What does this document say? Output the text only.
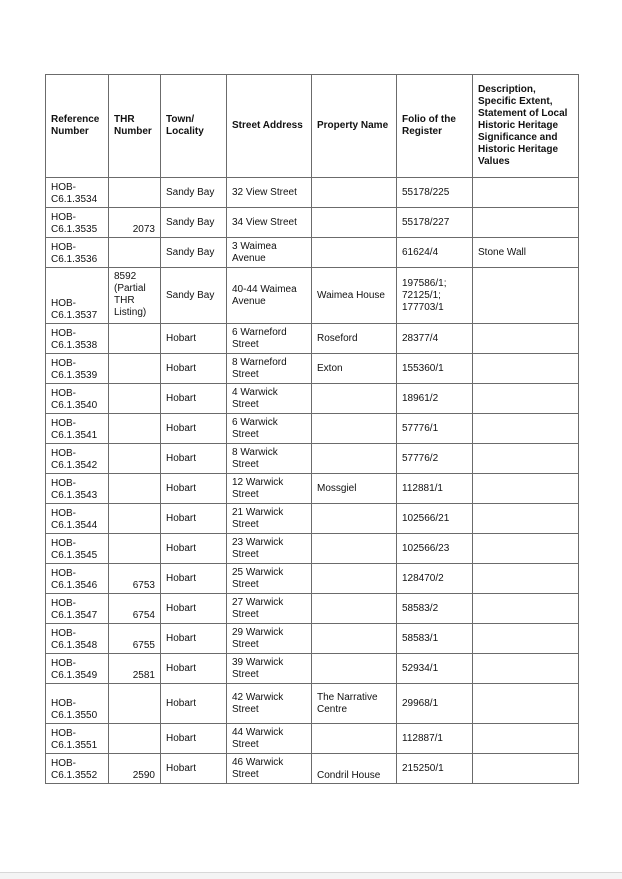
Reference Number	THR Number	Town/ Locality	Street Address	Property Name	Folio of the Register	Description, Specific Extent, Statement of Local Historic Heritage Significance and Historic Heritage Values
HOB-C6.1.3534		Sandy Bay	32 View Street		55178/225	
HOB-C6.1.3535	2073	Sandy Bay	34 View Street		55178/227	
HOB-C6.1.3536		Sandy Bay	3 Waimea Avenue		61624/4	Stone Wall
HOB-C6.1.3537	8592 (Partial THR Listing)	Sandy Bay	40-44 Waimea Avenue	Waimea House	197586/1; 72125/1; 177703/1	
HOB-C6.1.3538		Hobart	6 Warneford Street	Roseford	28377/4	
HOB-C6.1.3539		Hobart	8 Warneford Street	Exton	155360/1	
HOB-C6.1.3540		Hobart	4 Warwick Street		18961/2	
HOB-C6.1.3541		Hobart	6 Warwick Street		57776/1	
HOB-C6.1.3542		Hobart	8 Warwick Street		57776/2	
HOB-C6.1.3543		Hobart	12 Warwick Street	Mossgiel	112881/1	
HOB-C6.1.3544		Hobart	21 Warwick Street		102566/21	
HOB-C6.1.3545		Hobart	23 Warwick Street		102566/23	
HOB-C6.1.3546	6753	Hobart	25 Warwick Street		128470/2	
HOB-C6.1.3547	6754	Hobart	27 Warwick Street		58583/2	
HOB-C6.1.3548	6755	Hobart	29 Warwick Street		58583/1	
HOB-C6.1.3549	2581	Hobart	39 Warwick Street		52934/1	
HOB-C6.1.3550		Hobart	42 Warwick Street	The Narrative Centre	29968/1	
HOB-C6.1.3551		Hobart	44 Warwick Street		112887/1	
HOB-C6.1.3552	2590	Hobart	46 Warwick Street	Condril House	215250/1	
